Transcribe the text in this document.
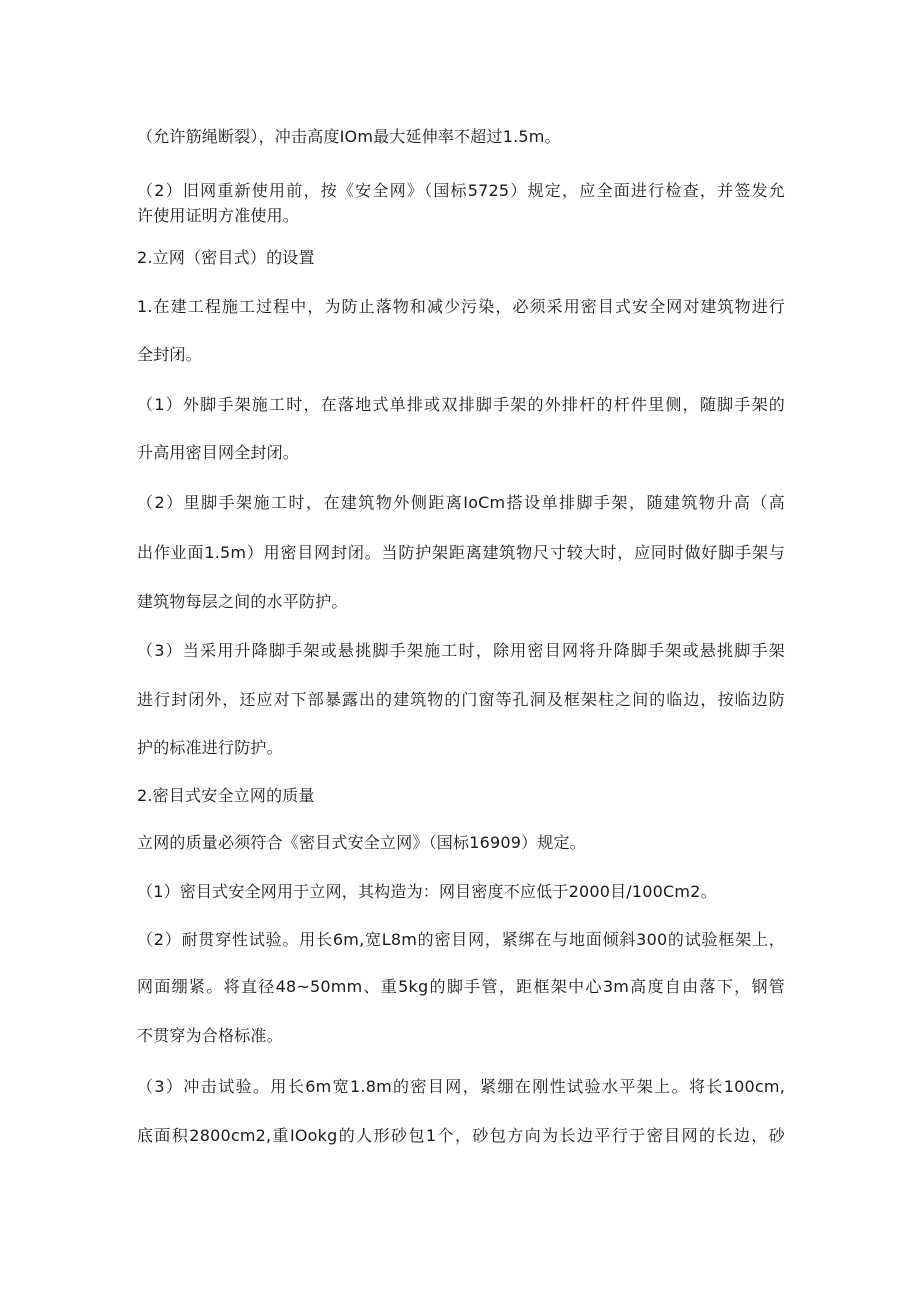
（允许筋绳断裂），冲击高度IOm最大延伸率不超过1.5m。
（2）旧网重新使用前，按《安全网》（国标5725）规定，应全面进行检查，并签发允
许使用证明方准使用。
2.立网（密目式）的设置
1.在建工程施工过程中，为防止落物和减少污染，必须采用密目式安全网对建筑物进行
全封闭。
（1）外脚手架施工时，在落地式单排或双排脚手架的外排杆的杆件里侧，随脚手架的
升高用密目网全封闭。
（2）里脚手架施工时，在建筑物外侧距离IoCm搭设单排脚手架，随建筑物升高（高
出作业面1.5m）用密目网封闭。当防护架距离建筑物尺寸较大时，应同时做好脚手架与
建筑物每层之间的水平防护。
（3）当采用升降脚手架或悬挑脚手架施工时，除用密目网将升降脚手架或悬挑脚手架
进行封闭外，还应对下部暴露出的建筑物的门窗等孔洞及框架柱之间的临边，按临边防
护的标准进行防护。
2.密目式安全立网的质量
立网的质量必须符合《密目式安全立网》（国标16909）规定。
（1）密目式安全网用于立网，其构造为：网目密度不应低于2000目/100Cm2。
（2）耐贯穿性试验。用长6m,宽L8m的密目网，紧绑在与地面倾斜300的试验框架上，
网面绷紧。将直径48~50mm、重5kg的脚手管，距框架中心3m高度自由落下，钢管
不贯穿为合格标准。
（3）冲击试验。用长6m宽1.8m的密目网，紧绷在刚性试验水平架上。将长100cm,
底面积2800cm2,重IOokg的人形砂包1个，砂包方向为长边平行于密目网的长边，砂
